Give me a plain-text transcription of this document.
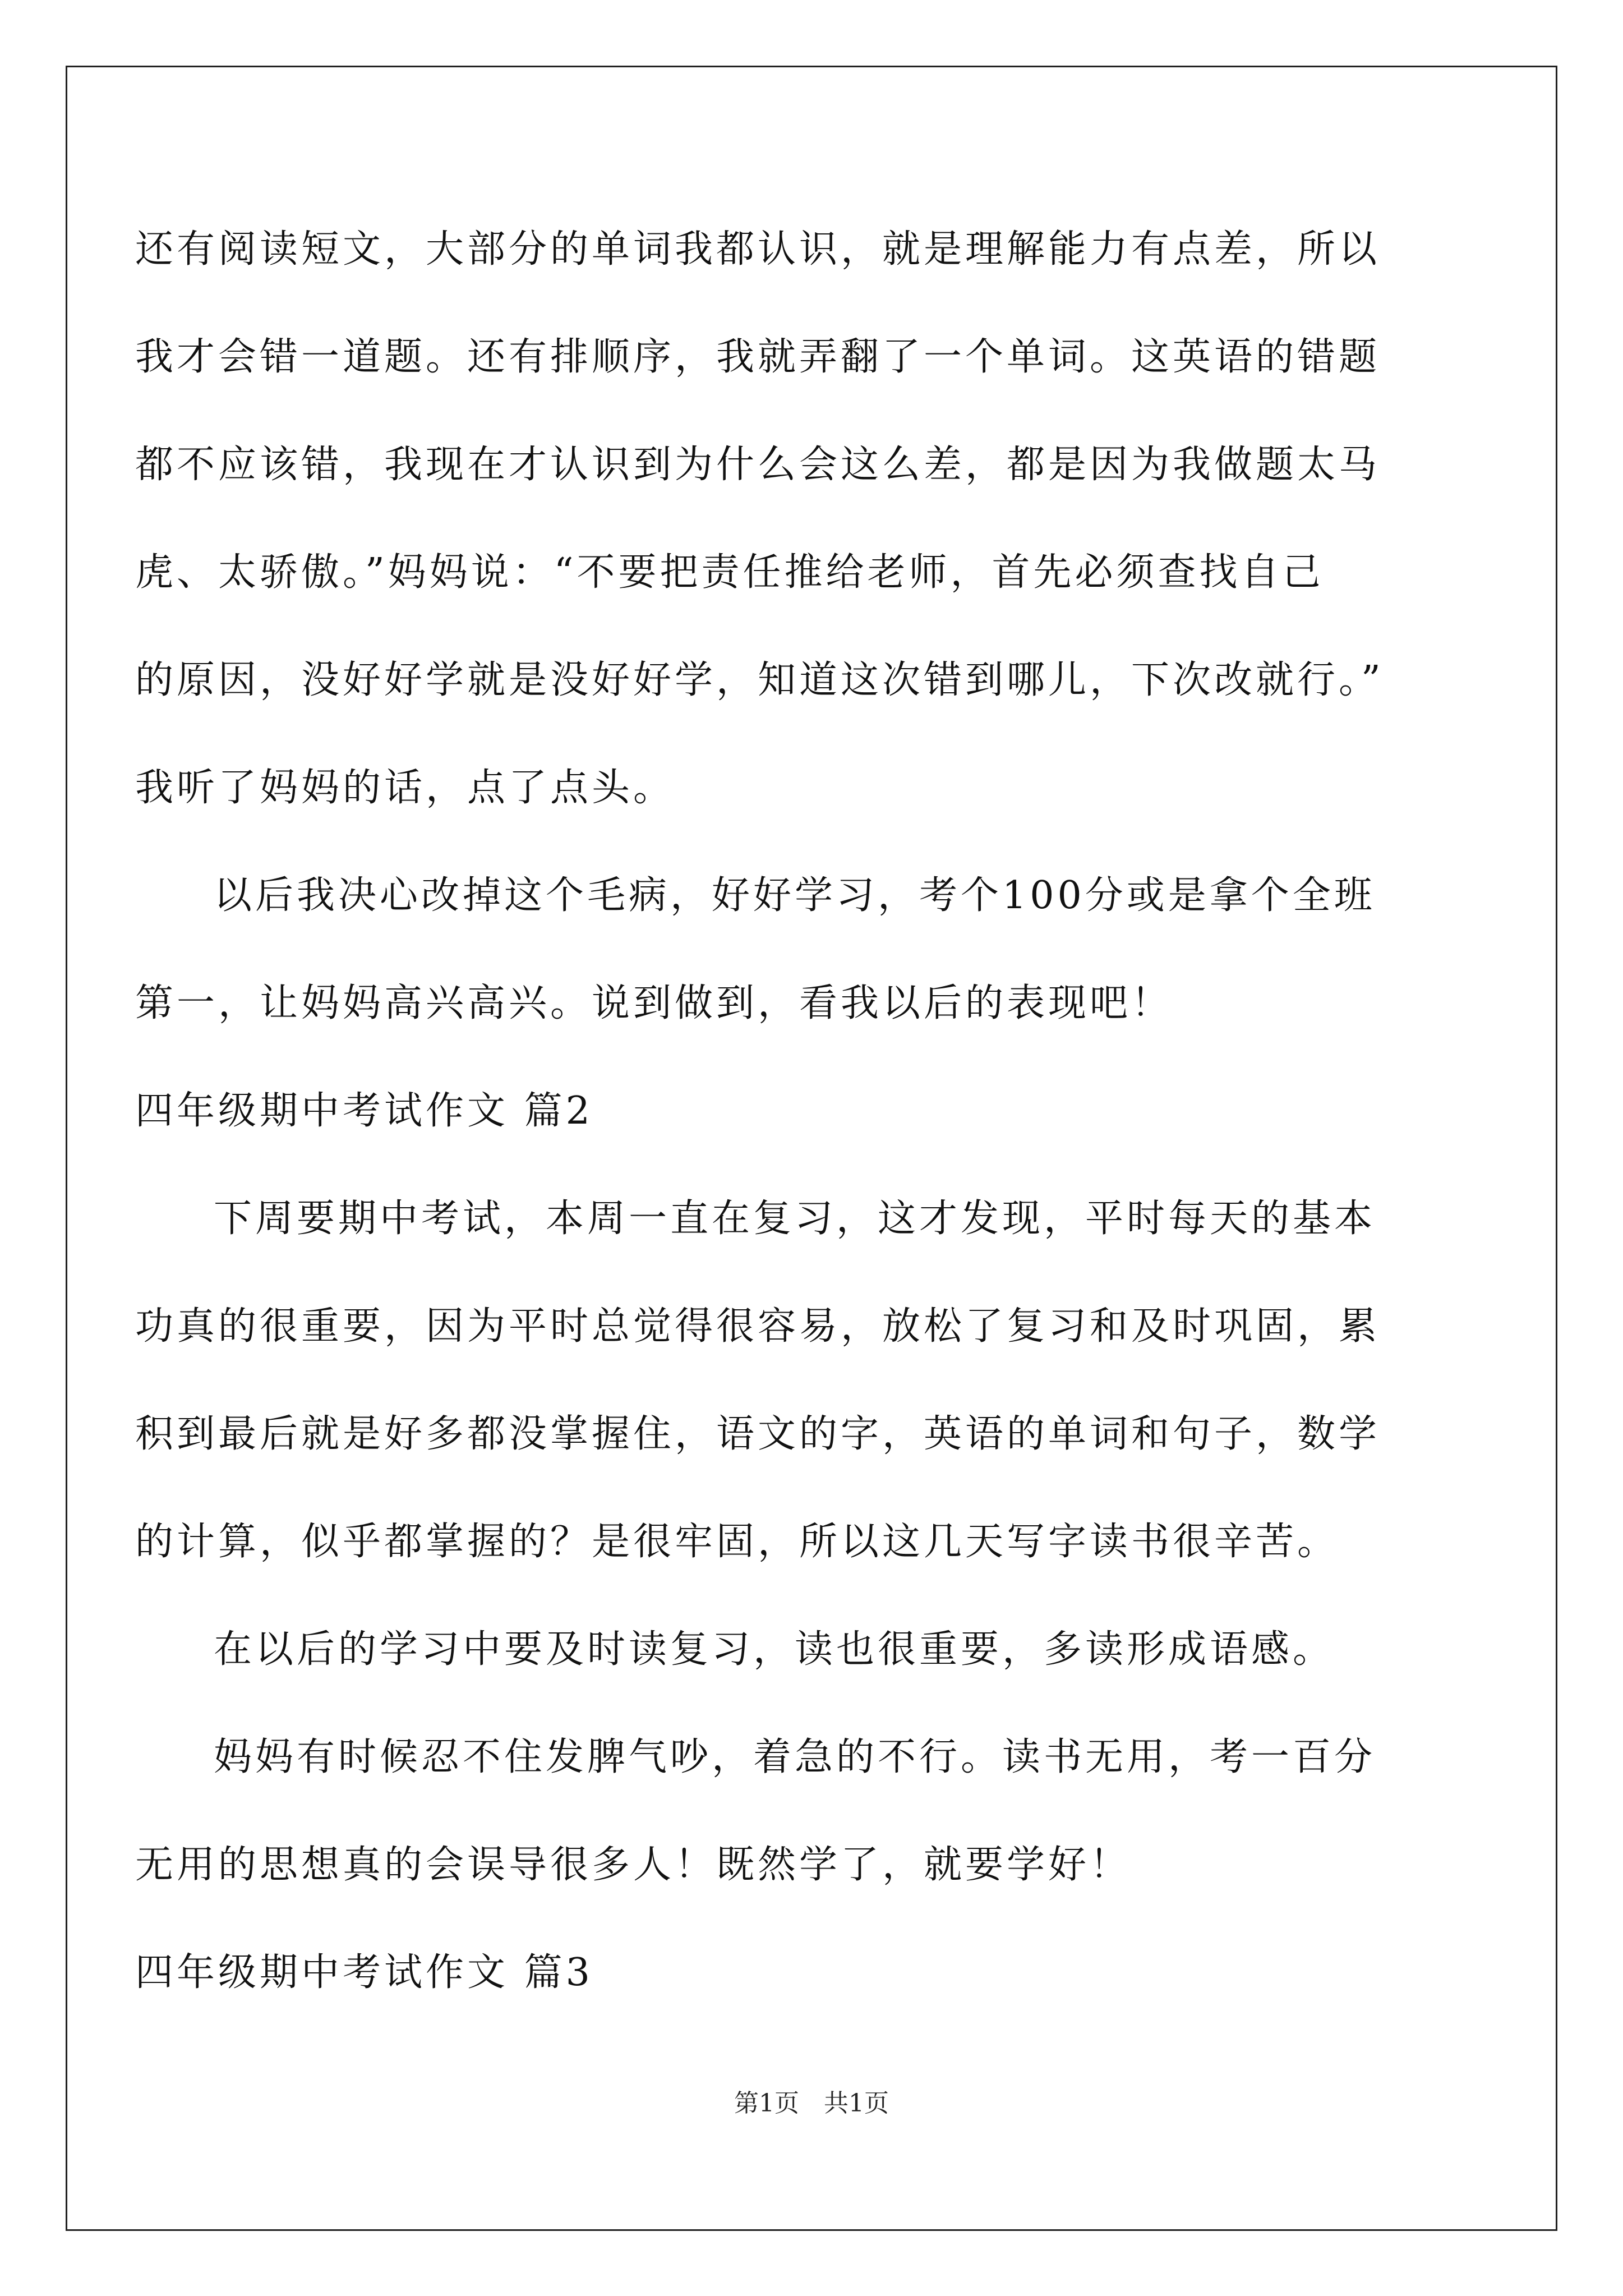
还有阅读短文，大部分的单词我都认识，就是理解能力有点差，所以
我才会错一道题。还有排顺序，我就弄翻了一个单词。这英语的错题
都不应该错，我现在才认识到为什么会这么差，都是因为我做题太马
虎、太骄傲。”妈妈说：“不要把责任推给老师，首先必须查找自己
的原因，没好好学就是没好好学，知道这次错到哪儿，下次改就行。”
我听了妈妈的话，点了点头。
以后我决心改掉这个毛病，好好学习，考个100分或是拿个全班
第一，让妈妈高兴高兴。说到做到，看我以后的表现吧！
四年级期中考试作文 篇2
下周要期中考试，本周一直在复习，这才发现，平时每天的基本
功真的很重要，因为平时总觉得很容易，放松了复习和及时巩固，累
积到最后就是好多都没掌握住，语文的字，英语的单词和句子，数学
的计算，似乎都掌握的？是很牢固，所以这几天写字读书很辛苦。
在以后的学习中要及时读复习，读也很重要，多读形成语感。
妈妈有时候忍不住发脾气吵，着急的不行。读书无用，考一百分
无用的思想真的会误导很多人！既然学了，就要学好！
四年级期中考试作文 篇3
第1页　共1页
